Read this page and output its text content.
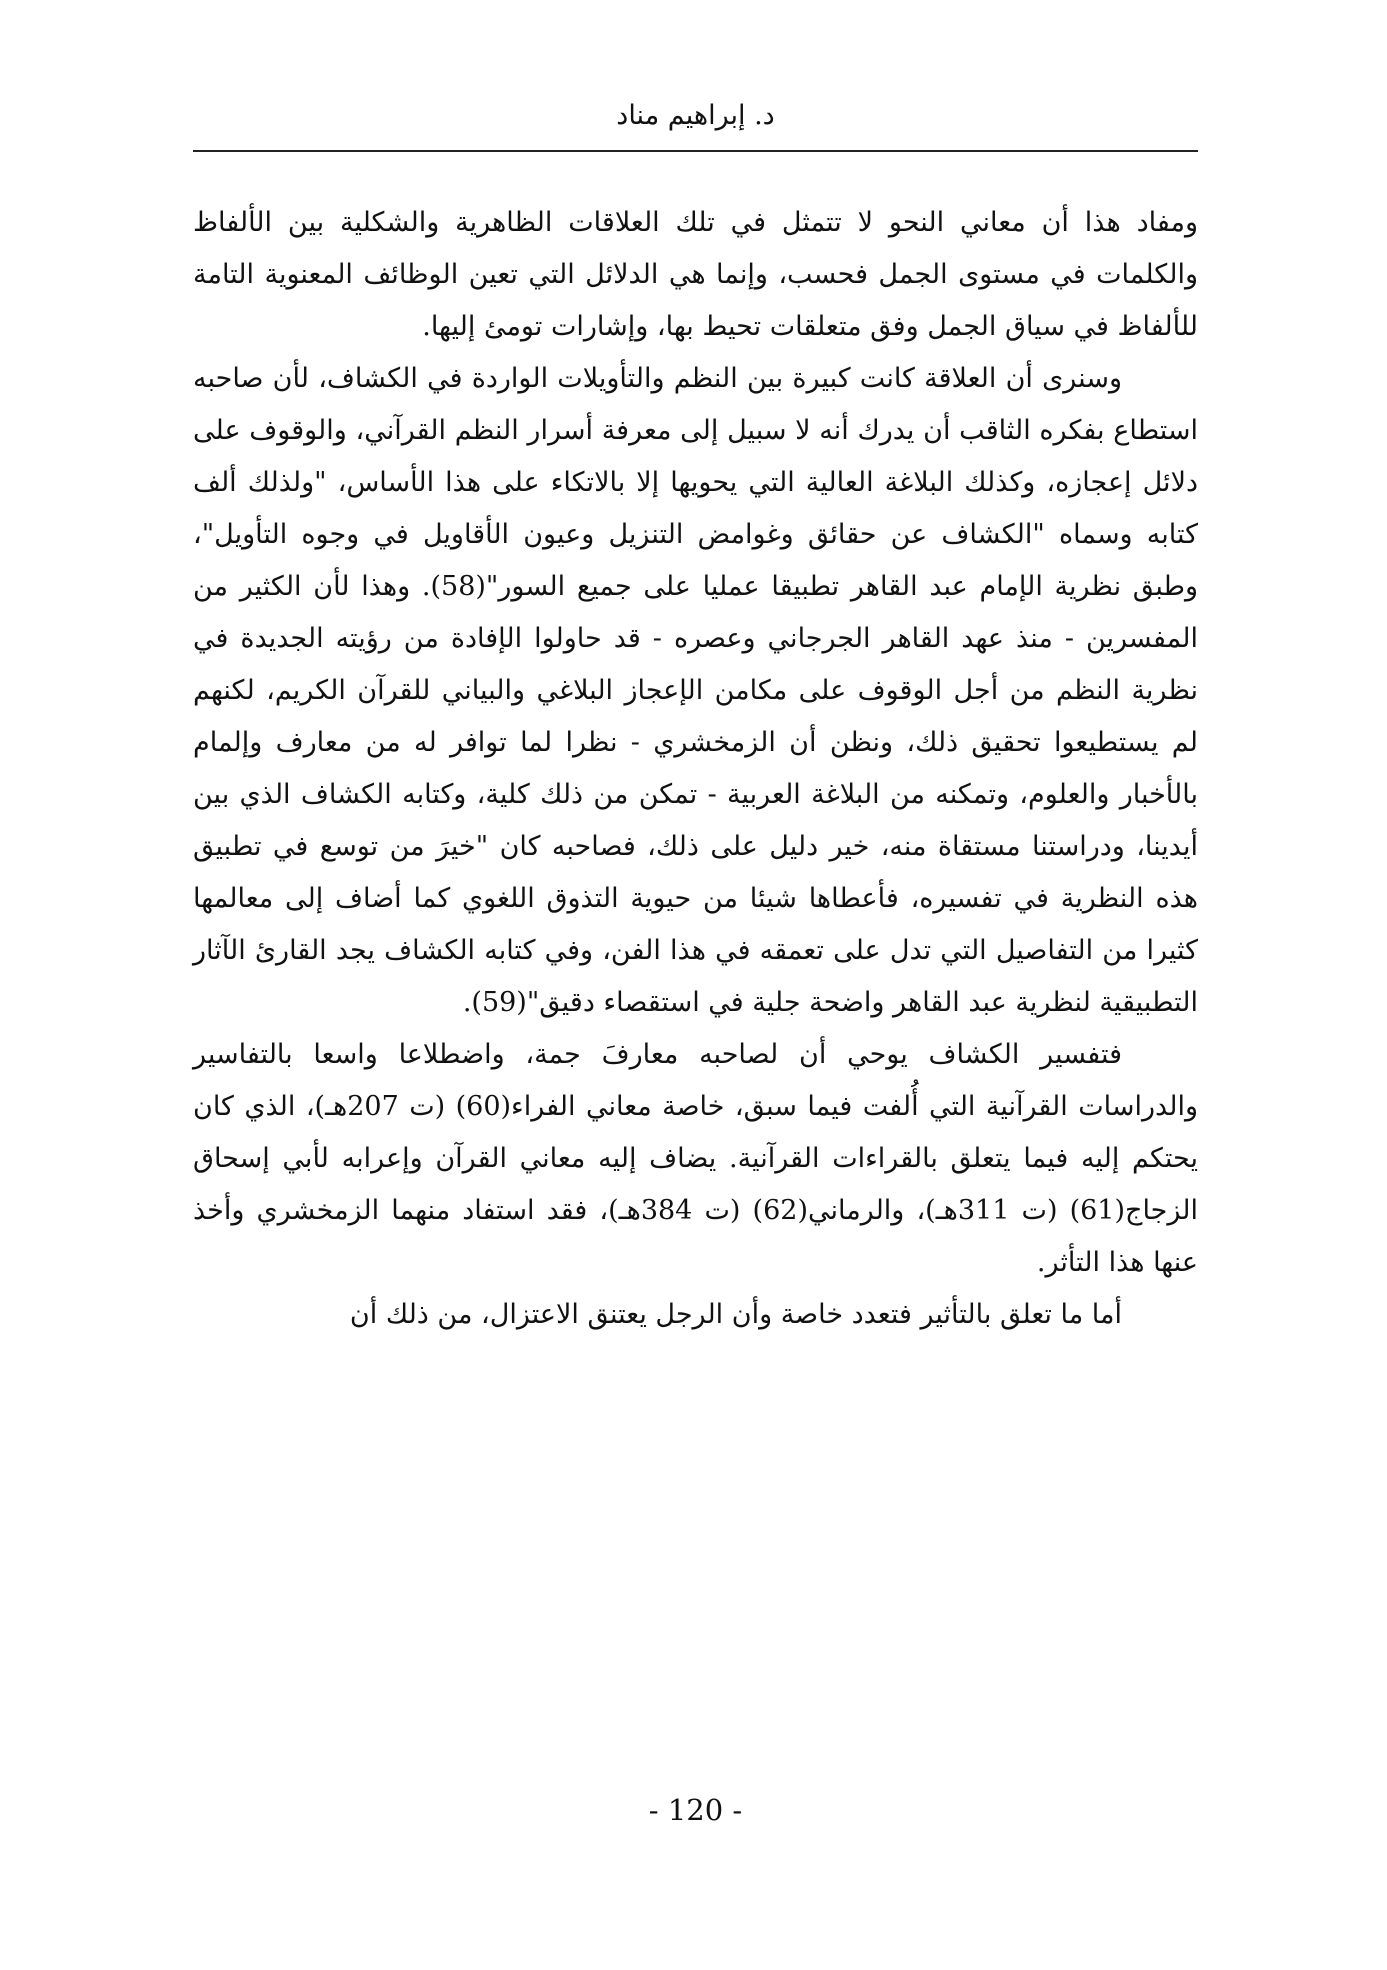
د. إبراهيم مناد

ومفاد هذا أن معاني النحو لا تتمثل في تلك العلاقات الظاهرية والشكلية بين الألفاظ والكلمات في مستوى الجمل فحسب، وإنما هي الدلائل التي تعين الوظائف المعنوية التامة للألفاظ في سياق الجمل وفق متعلقات تحيط بها، وإشارات تومئ إليها.

وسنرى أن العلاقة كانت كبيرة بين النظم والتأويلات الواردة في الكشاف، لأن صاحبه استطاع بفكره الثاقب أن يدرك أنه لا سبيل إلى معرفة أسرار النظم القرآني، والوقوف على دلائل إعجازه، وكذلك البلاغة العالية التي يحويها إلا بالاتكاء على هذا الأساس، "ولذلك ألف كتابه وسماه "الكشاف عن حقائق وغوامض التنزيل وعيون الأقاويل في وجوه التأويل"، وطبق نظرية الإمام عبد القاهر تطبيقا عمليا على جميع السور"(58). وهذا لأن الكثير من المفسرين - منذ عهد القاهر الجرجاني وعصره - قد حاولوا الإفادة من رؤيته الجديدة في نظرية النظم من أجل الوقوف على مكامن الإعجاز البلاغي والبياني للقرآن الكريم، لكنهم لم يستطيعوا تحقيق ذلك، ونظن أن الزمخشري - نظرا لما توافر له من معارف وإلمام بالأخبار والعلوم، وتمكنه من البلاغة العربية - تمكن من ذلك كلية، وكتابه الكشاف الذي بين أيدينا، ودراستنا مستقاة منه، خير دليل على ذلك، فصاحبه كان "خيرَ من توسع في تطبيق هذه النظرية في تفسيره، فأعطاها شيئا من حيوية التذوق اللغوي كما أضاف إلى معالمها كثيرا من التفاصيل التي تدل على تعمقه في هذا الفن، وفي كتابه الكشاف يجد القارئ الآثار التطبيقية لنظرية عبد القاهر واضحة جلية في استقصاء دقيق"(59).

فتفسير الكشاف يوحي أن لصاحبه معارفَ جمة، واضطلاعا واسعا بالتفاسير والدراسات القرآنية التي أُلفت فيما سبق، خاصة معاني الفراء(60) (ت 207هـ)، الذي كان يحتكم إليه فيما يتعلق بالقراءات القرآنية. يضاف إليه معاني القرآن وإعرابه لأبي إسحاق الزجاج(61) (ت 311هـ)، والرماني(62) (ت 384هـ)، فقد استفاد منهما الزمخشري وأخذ عنها هذا التأثر.

أما ما تعلق بالتأثير فتعدد خاصة وأن الرجل يعتنق الاعتزال، من ذلك أن

- 120 -
